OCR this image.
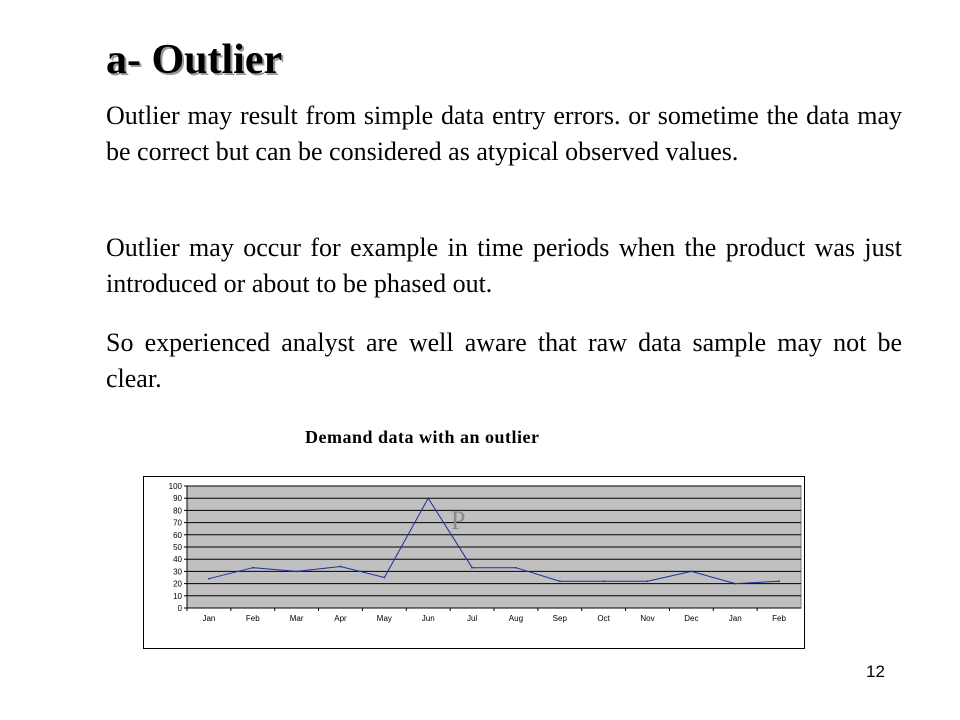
a- Outlier

Outlier may result from simple data entry errors. or sometime the data may be correct but can be considered as atypical observed values.

Outlier may occur for example in time periods when the product was just introduced or about to be phased out.

So experienced analyst are well aware that raw data sample may not be clear.

Demand data with an outlier
0
10
20
30
40
50
60
70
80
90
100
Jan	Feb	Mar	Apr	May	Jun	Jul	Aug	Sep	Oct	Nov	Dec	Jan	Feb
P
12
